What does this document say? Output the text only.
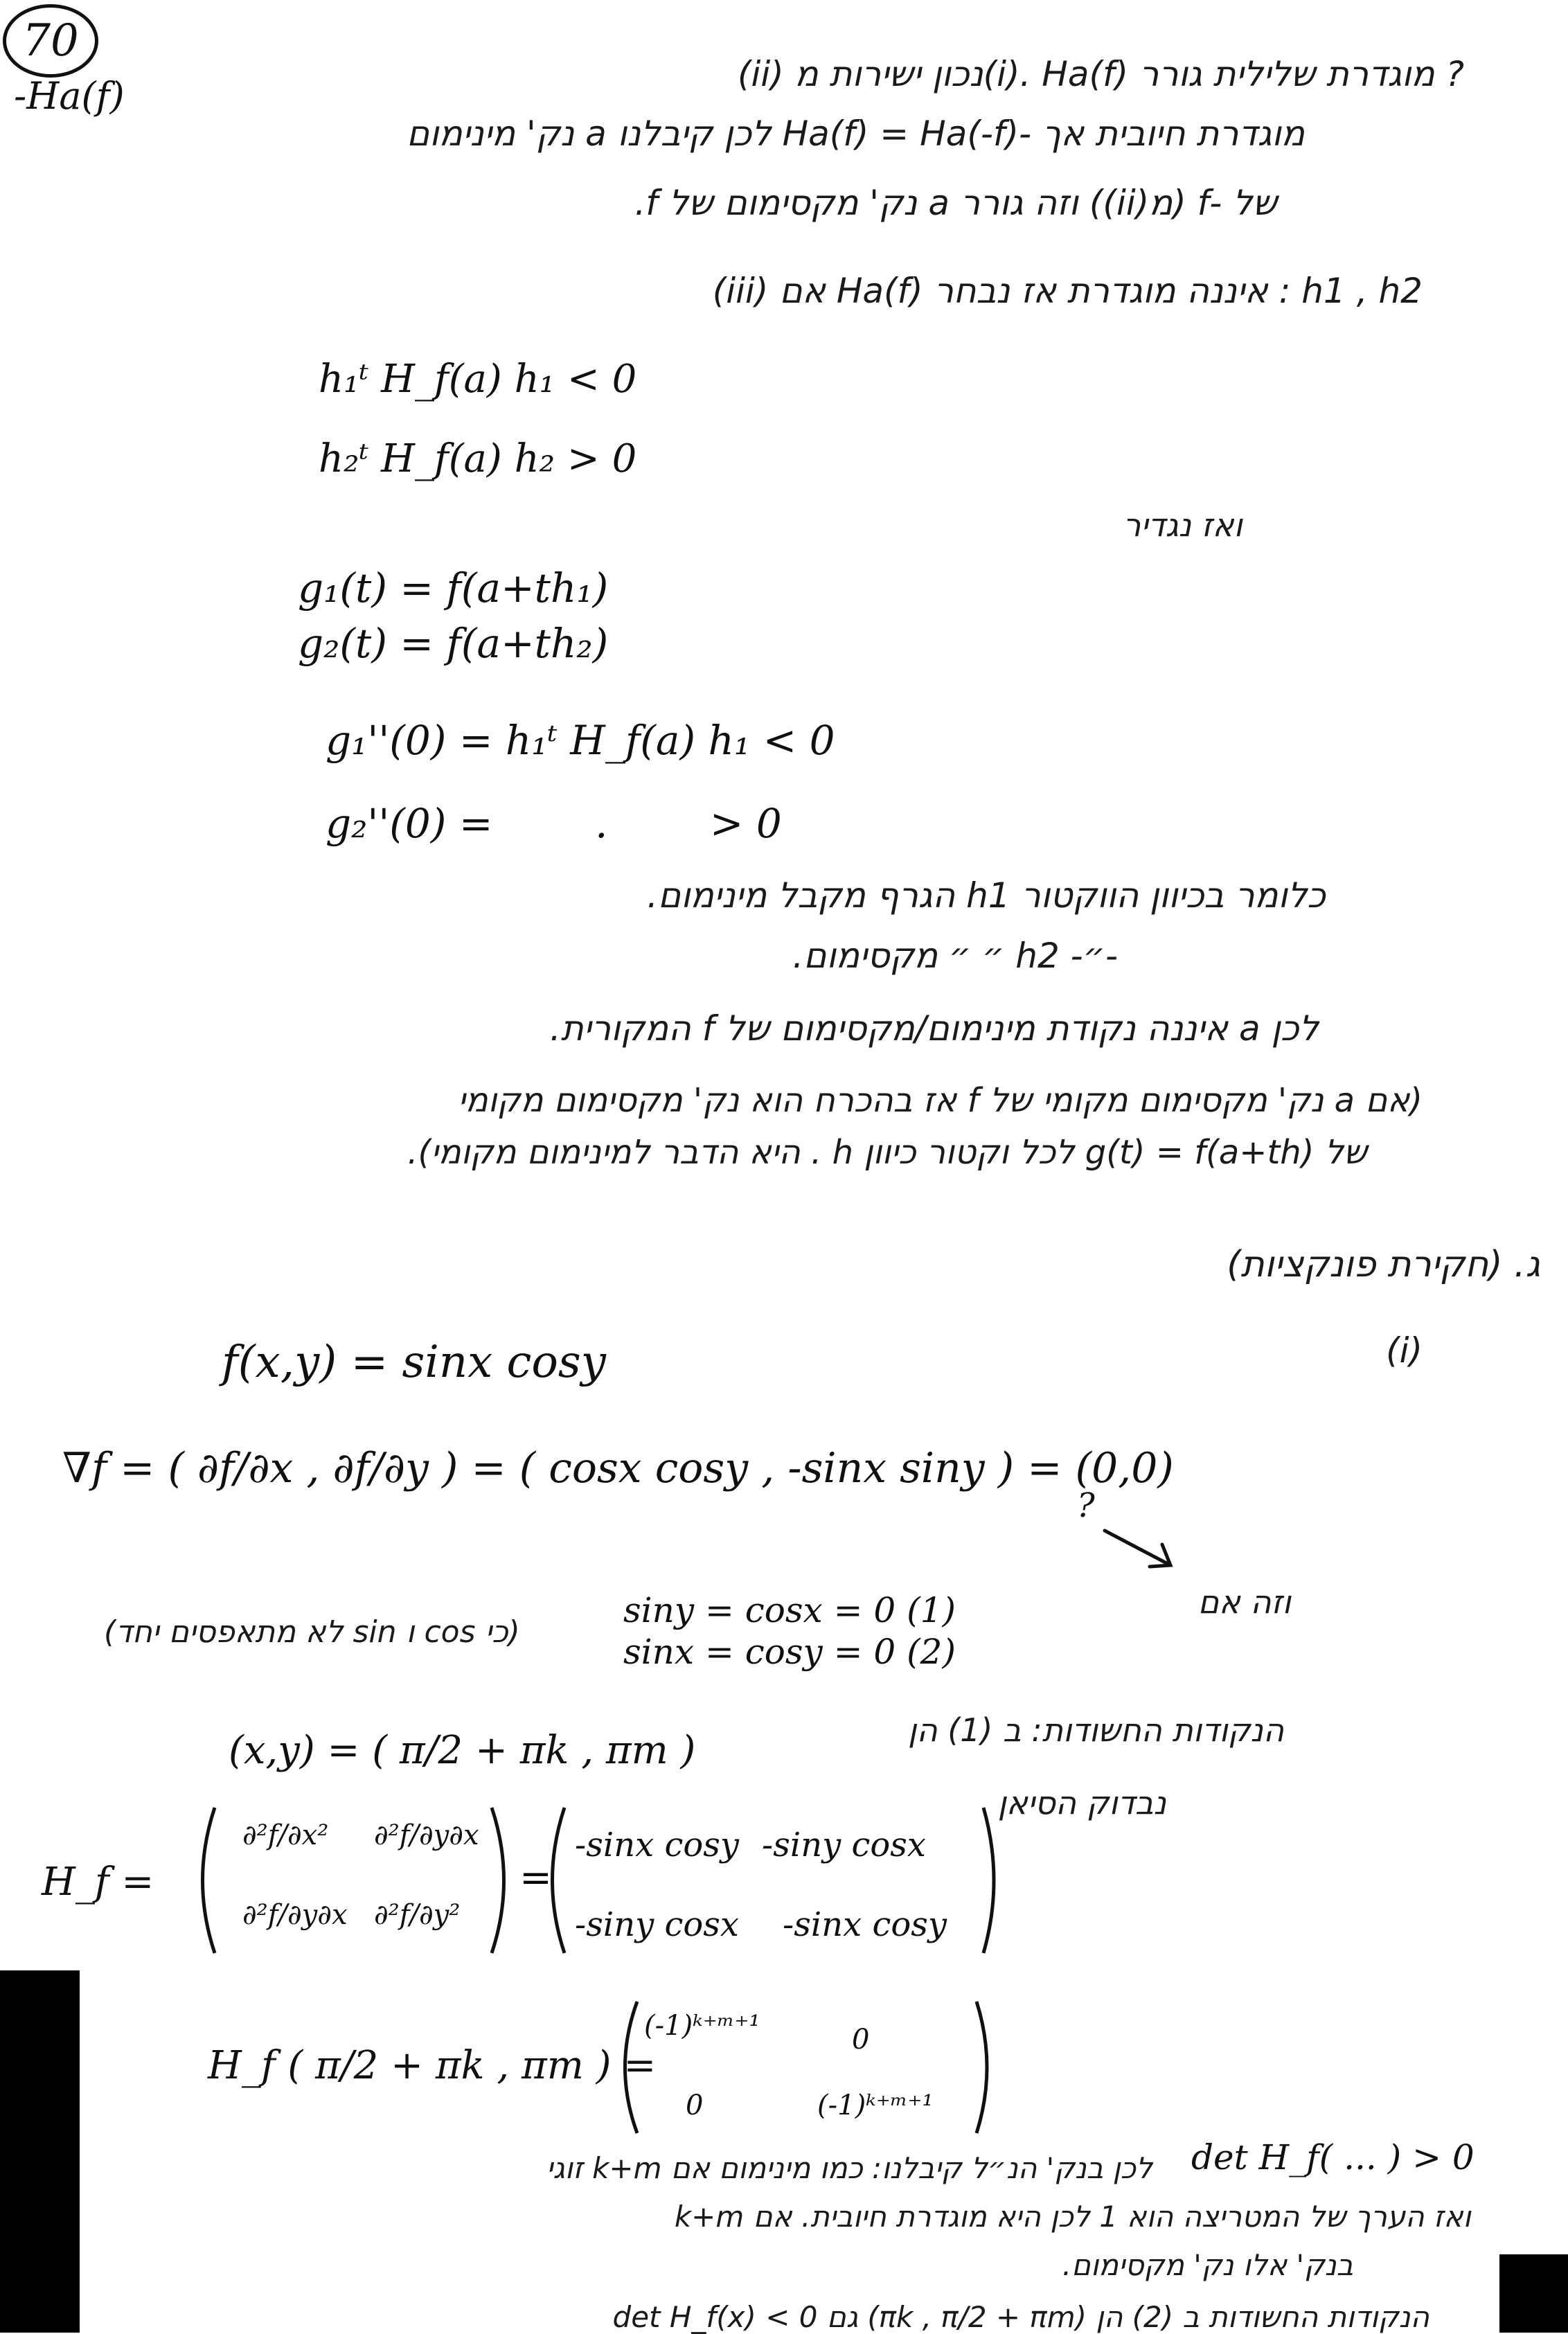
70
-Ha(f)	(ii) נכון ישירות מ(i). Ha(f) מוגדרת שלילית גורר ?
מוגדרת חיובית אך -Ha(f) = Ha(-f) לכן קיבלנו a נק' מינימום
של -f (מ(ii)) וזה גורר a נק' מקסימום של f.
(iii) אם Ha(f) איננה מוגדרת אז נבחר : h1 , h2
h₁ᵗ H_f(a) h₁ < 0
h₂ᵗ H_f(a) h₂ > 0
ואז נגדיר
g₁(t) = f(a+th₁)
g₂(t) = f(a+th₂)
g₁''(0) = h₁ᵗ H_f(a) h₁ < 0
g₂''(0) =        .        > 0
כלומר בכיוון הווקטור h1 הגרף מקבל מינימום.
-״- h2 ״ ״ מקסימום.
לכן a איננה נקודת מינימום/מקסימום של f המקורית.
(אם a נק' מקסימום מקומי של f אז בהכרח הוא נק' מקסימום מקומי
של g(t) = f(a+th) לכל וקטור כיוון h . היא הדבר למינימום מקומי).
ג. (חקירת פונקציות)
(i)
f(x,y) = sinx cosy
∇f = ( ∂f/∂x , ∂f/∂y ) = ( cosx cosy , -sinx siny ) = (0,0)
?
siny = cosx = 0 (1)
sinx = cosy = 0 (2)
וזה אם
(כי cos ו sin לא מתאפסים יחד)
(x,y) = ( π/2 + πk , πm )	הנקודות החשודות: ב (1) הן
נבדוק הסיאן
H_f =	=
∂²f/∂x² ∂²f/∂y∂x
∂²f/∂y∂x ∂²f/∂y²
-sinx cosy -siny cosx
-siny cosx -sinx cosy
H_f ( π/2 + πk , πm ) =
(-1)ᵏ⁺ᵐ⁺¹	0
0	(-1)ᵏ⁺ᵐ⁺¹
det H_f( ... ) > 0
לכן בנק' הנ״ל קיבלנו: כמו מינימום אם k+m זוגי
ואז הערך של המטריצה הוא 1 לכן היא מוגדרת חיובית. אם k+m
בנק' אלו נק' מקסימום.
הנקודות החשודות ב (2) הן (πk , π/2 + πm) גם det H_f(x) < 0
